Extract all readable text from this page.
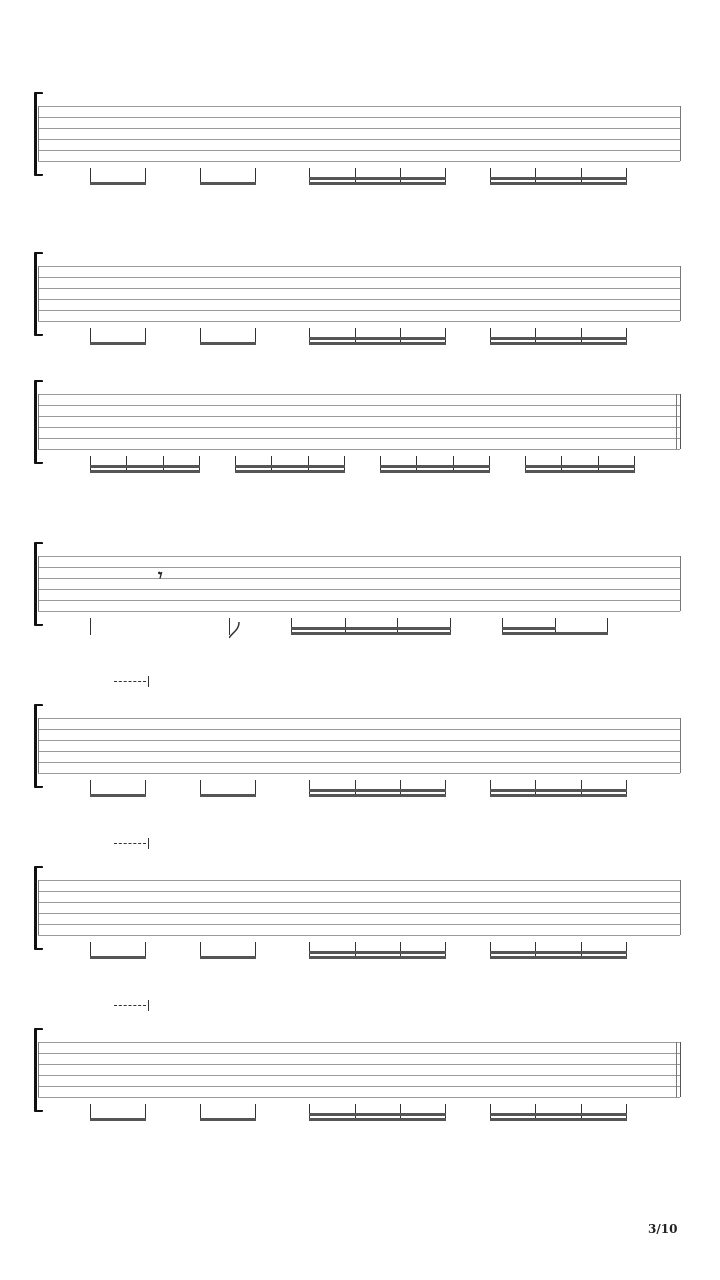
𝄾
3/10
